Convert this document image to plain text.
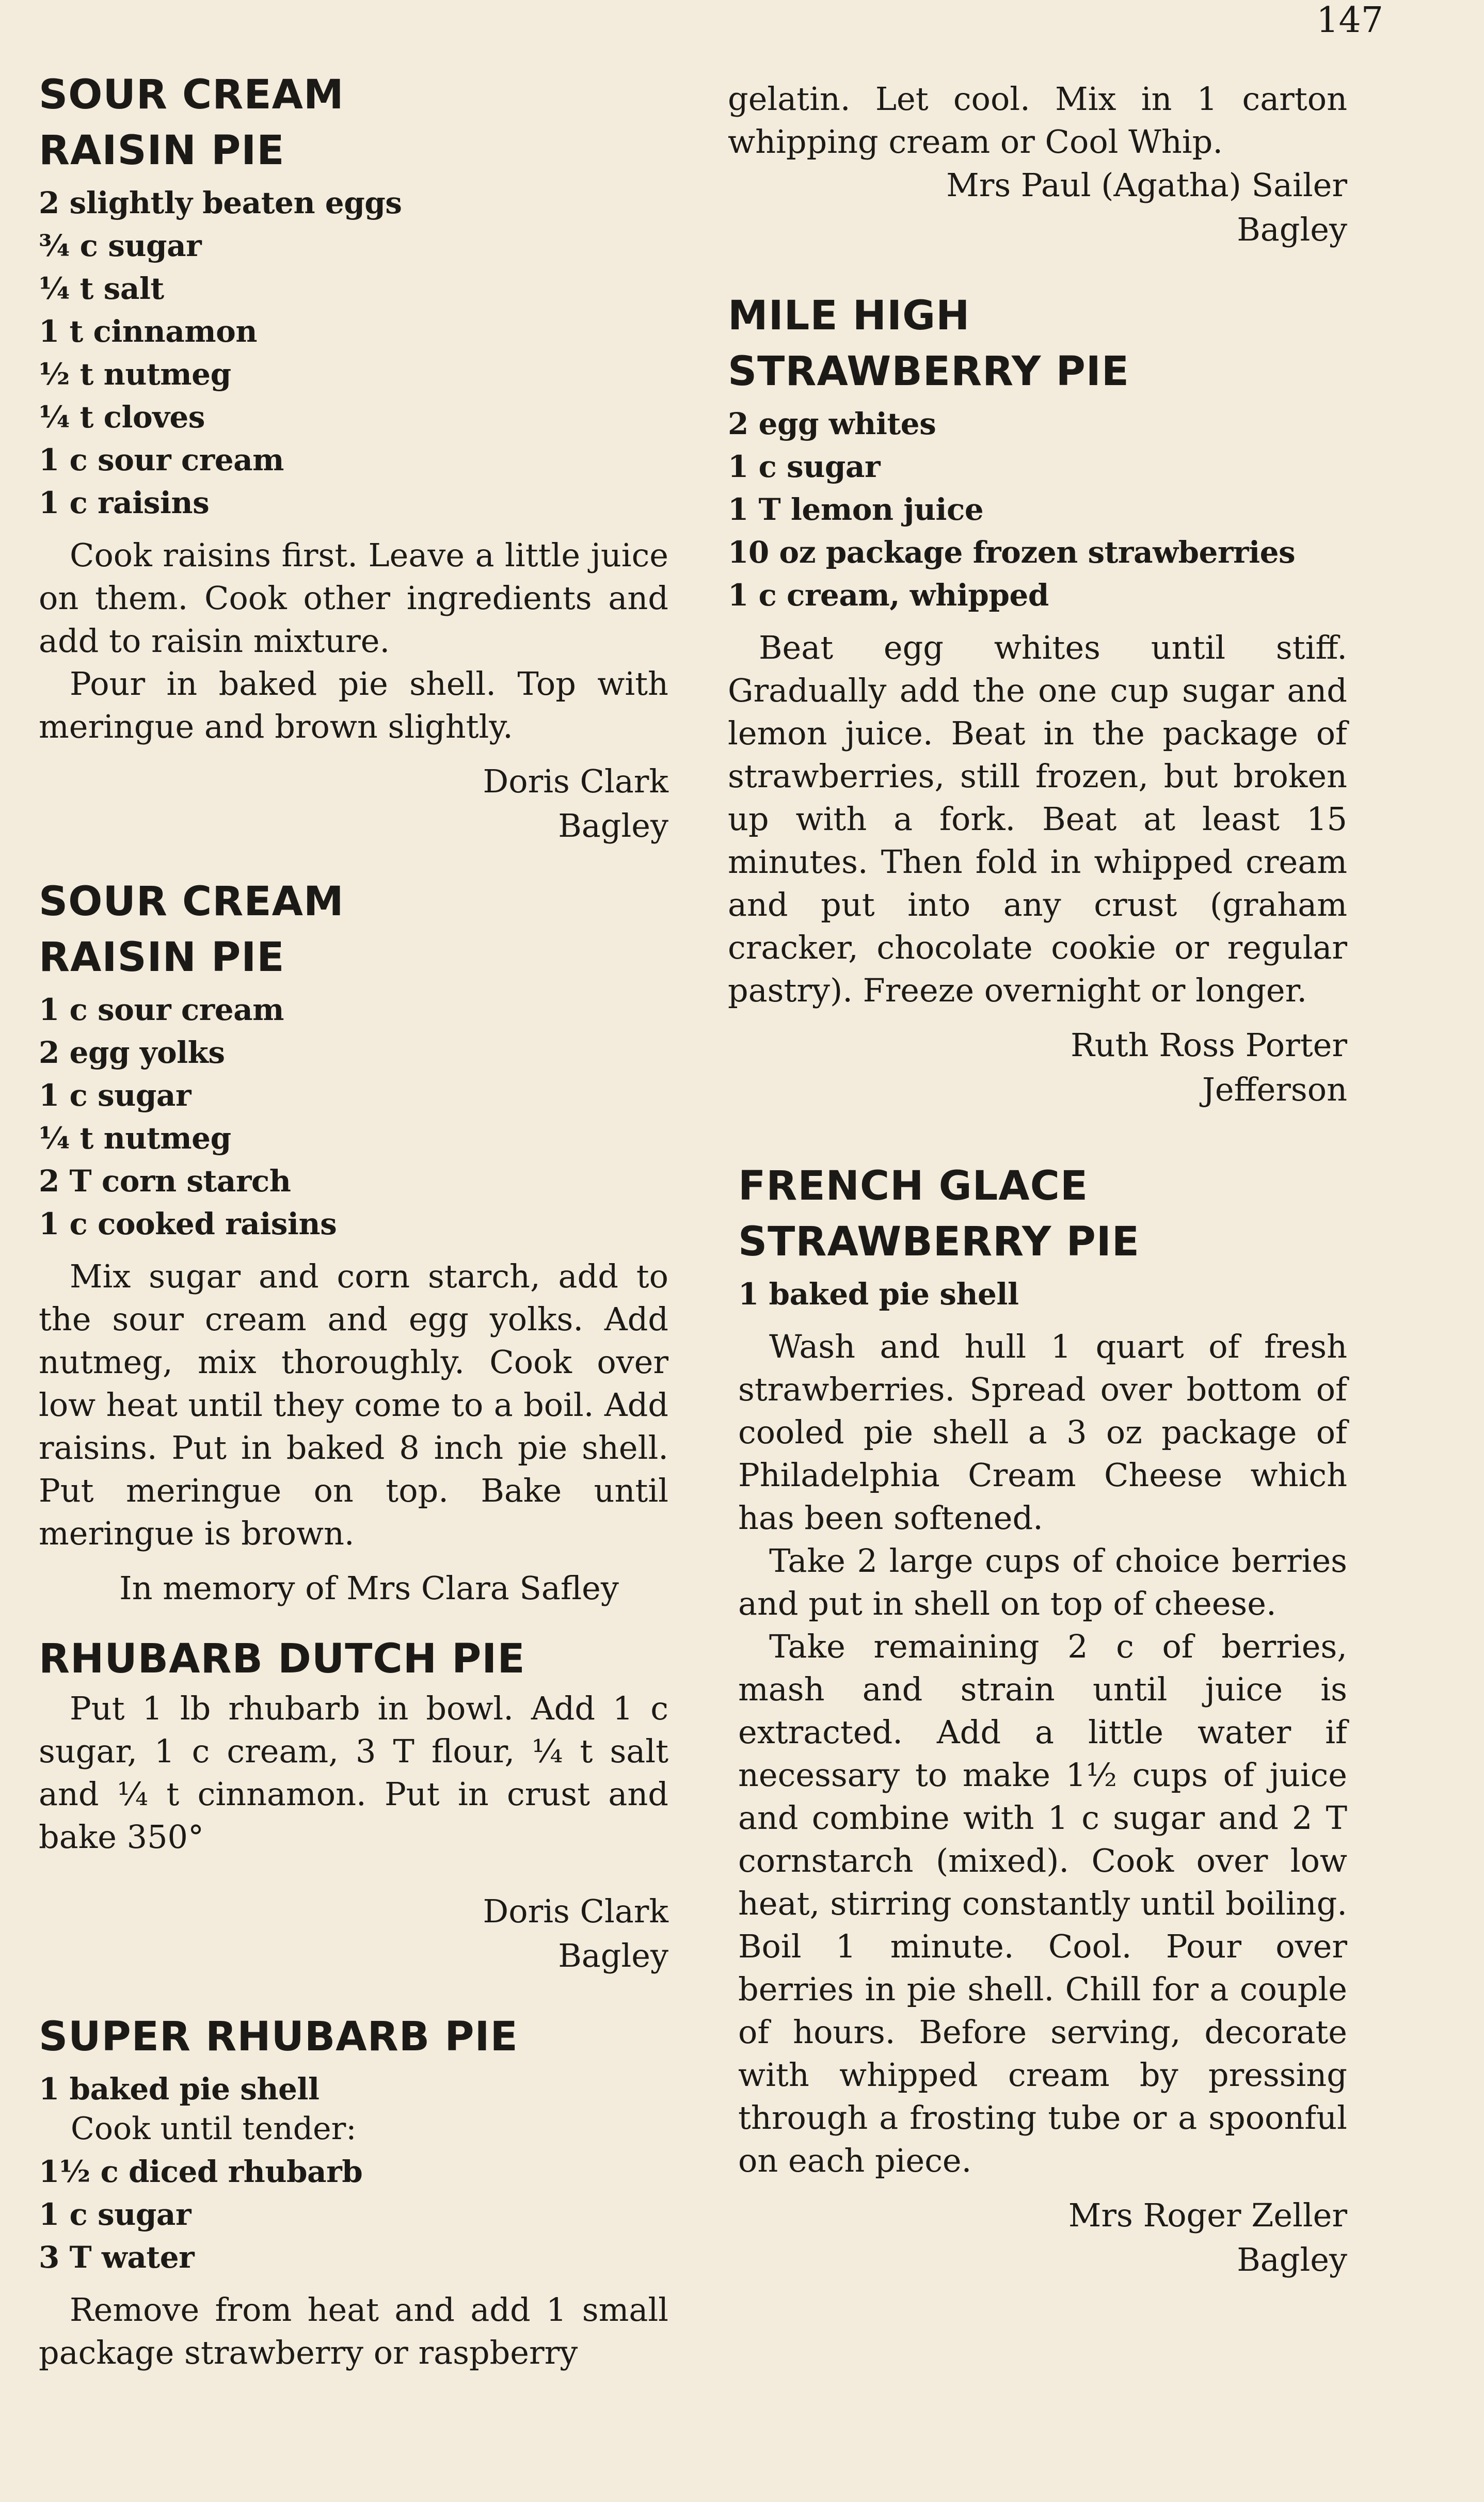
147
SOUR CREAM
RAISIN PIE
2 slightly beaten eggs
¾ c sugar
¼ t salt
1 t cinnamon
½ t nutmeg
¼ t cloves
1 c sour cream
1 c raisins

Cook raisins first. Leave a little juice on them. Cook other ingredients and add to raisin mixture.

Pour in baked pie shell. Top with meringue and brown slightly.

Doris Clark
Bagley
SOUR CREAM
RAISIN PIE
1 c sour cream
2 egg yolks
1 c sugar
¼ t nutmeg
2 T corn starch
1 c cooked raisins

Mix sugar and corn starch, add to the sour cream and egg yolks. Add nutmeg, mix thoroughly. Cook over low heat until they come to a boil. Add raisins. Put in baked 8 inch pie shell. Put meringue on top. Bake until meringue is brown.

In memory of Mrs Clara Safley
RHUBARB DUTCH PIE

Put 1 lb rhubarb in bowl. Add 1 c sugar, 1 c cream, 3 T flour, ¼ t salt and ¼ t cinnamon. Put in crust and bake 350°

Doris Clark
Bagley
SUPER RHUBARB PIE
1 baked pie shell
Cook until tender:
1½ c diced rhubarb
1 c sugar
3 T water

Remove from heat and add 1 small package strawberry or raspberry

gelatin. Let cool. Mix in 1 carton whipping cream or Cool Whip.

Mrs Paul (Agatha) Sailer
Bagley
MILE HIGH
STRAWBERRY PIE
2 egg whites
1 c sugar
1 T lemon juice
10 oz package frozen strawberries
1 c cream, whipped

Beat egg whites until stiff. Gradually add the one cup sugar and lemon juice. Beat in the package of strawberries, still frozen, but broken up with a fork. Beat at least 15 minutes. Then fold in whipped cream and put into any crust (graham cracker, chocolate cookie or regular pastry). Freeze overnight or longer.

Ruth Ross Porter
Jefferson
FRENCH GLACE
STRAWBERRY PIE
1 baked pie shell

Wash and hull 1 quart of fresh strawberries. Spread over bottom of cooled pie shell a 3 oz package of Philadelphia Cream Cheese which has been softened.

Take 2 large cups of choice berries and put in shell on top of cheese.

Take remaining 2 c of berries, mash and strain until juice is extracted. Add a little water if necessary to make 1½ cups of juice and combine with 1 c sugar and 2 T cornstarch (mixed). Cook over low heat, stirring constantly until boiling. Boil 1 minute. Cool. Pour over berries in pie shell. Chill for a couple of hours. Before serving, decorate with whipped cream by pressing through a frosting tube or a spoonful on each piece.

Mrs Roger Zeller
Bagley
